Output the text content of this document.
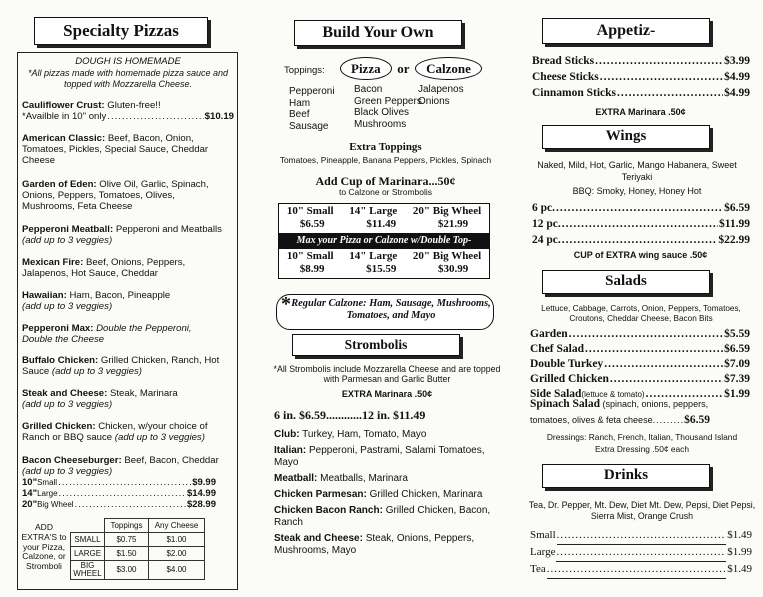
Specialty Pizzas
DOUGH IS HOMEMADE
*All pizzas made with homemade pizza sauce and topped with Mozzarella Cheese.
Cauliflower Crust: Gluten-free!!
*Availble in 10" only .....	$10.19
American Classic: Beef, Bacon, Onion, Tomatoes, Pickles, Special Sauce, Cheddar Cheese
Garden of Eden: Olive Oil, Garlic, Spinach, Onions, Peppers, Tomatoes, Olives, Mushrooms, Feta Cheese
Pepperoni Meatball: Pepperoni and Meatballs (add up to 3 veggies)
Mexican Fire: Beef, Onions, Peppers, Jalapenos, Hot Sauce, Cheddar
Hawaiian: Ham, Bacon, Pineapple
(add up to 3 veggies)
Pepperoni Max: Double the Pepperoni, Double the Cheese
Buffalo Chicken: Grilled Chicken, Ranch, Hot Sauce (add up to 3 veggies)
Steak and Cheese: Steak, Marinara
(add up to 3 veggies)
Grilled Chicken: Chicken, w/your choice of Ranch or BBQ sauce (add up to 3 veggies)
Bacon Cheeseburger: Beef, Bacon, Cheddar (add up to 3 veggies)
10" Small .....	$9.99
14" Large .....	$14.99
20" Big Wheel .....	$28.99
ADD EXTRA'S to your Pizza, Calzone, or Stromboli
	Toppings	Any Cheese
SMALL	$0.75	$1.00
LARGE	$1.50	$2.00
BIG WHEEL	$3.00	$4.00
Build Your Own
Toppings:	Pizza or Calzone
Pepperoni
Ham
Beef
Sausage
Bacon
Green Peppers
Black Olives
Mushrooms
Jalapenos
Onions
Extra Toppings
Tomatoes, Pineapple, Banana Peppers, Pickles, Spinach
Add Cup of Marinara...50¢
to Calzone or Strombolis
10" Small 14" Large 20" Big Wheel
$6.59	$11.49	$21.99
Max your Pizza or Calzone w/Double Top-
10" Small 14" Large 20" Big Wheel
$8.99	$15.59	$30.99
* Regular Calzone: Ham, Sausage, Mushrooms, Tomatoes, and Mayo
Strombolis
*All Strombolis include Mozzarella Cheese and are topped with Parmesan and Garlic Butter
EXTRA Marinara .50¢
6 in. $6.59............12 in. $11.49
Club: Turkey, Ham, Tomato, Mayo
Italian: Pepperoni, Pastrami, Salami Tomatoes, Mayo
Meatball: Meatballs, Marinara
Chicken Parmesan: Grilled Chicken, Marinara
Chicken Bacon Ranch: Grilled Chicken, Bacon, Ranch
Steak and Cheese: Steak, Onions, Peppers, Mushrooms, Mayo
Appetiz-
Bread Sticks .....	$3.99
Cheese Sticks .....	$4.99
Cinnamon Sticks .....	$4.99
EXTRA Marinara .50¢
Wings
Naked, Mild, Hot, Garlic, Mango Habanera, Sweet Teriyaki
BBQ: Smoky, Honey, Honey Hot
6 pc. .....	$6.59
12 pc. .....	$11.99
24 pc. .....	$22.99
CUP of EXTRA wing sauce .50¢
Salads
Lettuce, Cabbage, Carrots, Onion, Peppers, Tomatoes, Croutons, Cheddar Cheese, Bacon Bits
Garden .....	$5.59
Chef Salad .....	$6.59
Double Turkey .....	$7.09
Grilled Chicken .....	$7.39
Side Salad (lettuce & tomato) .....	$1.99
Spinach Salad (spinach, onions, peppers, tomatoes, olives & feta cheese.........$6.59
Dressings: Ranch, French, Italian, Thousand Island
Extra Dressing .50¢ each
Drinks
Tea, Dr. Pepper, Mt. Dew, Diet Mt. Dew, Pepsi, Diet Pepsi, Sierra Mist, Orange Crush
Small .....	$1.49
Large .....	$1.99
Tea .....	$1.49
